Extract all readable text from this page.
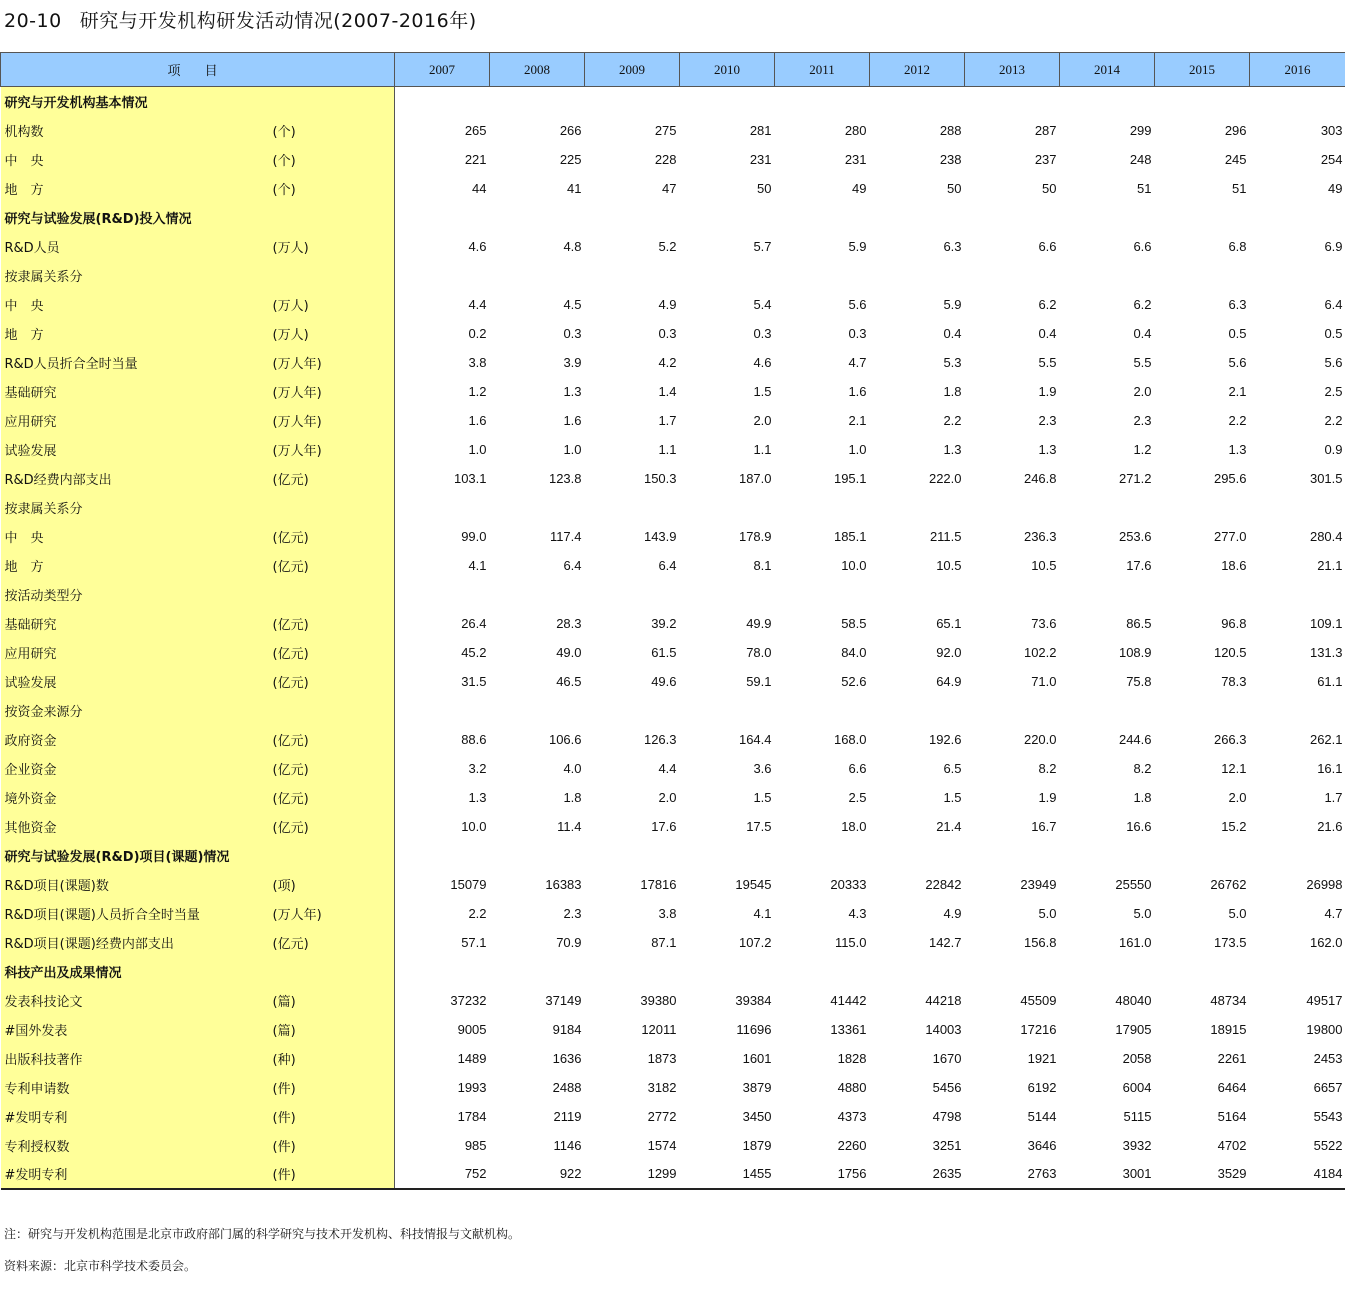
20-10 研究与开发机构研发活动情况(2007-2016年)
项 目		2007	2008	2009	2010	2011	2012	2013	2014	2015	2016
研究与开发机构基本情况											
机构数	(个)	265	266	275	281	280	288	287	299	296	303
中　央	(个)	221	225	228	231	231	238	237	248	245	254
地　方	(个)	44	41	47	50	49	50	50	51	51	49
研究与试验发展(R&D)投入情况											
R&D人员	(万人)	4.6	4.8	5.2	5.7	5.9	6.3	6.6	6.6	6.8	6.9
按隶属关系分											
中　央	(万人)	4.4	4.5	4.9	5.4	5.6	5.9	6.2	6.2	6.3	6.4
地　方	(万人)	0.2	0.3	0.3	0.3	0.3	0.4	0.4	0.4	0.5	0.5
R&D人员折合全时当量	(万人年)	3.8	3.9	4.2	4.6	4.7	5.3	5.5	5.5	5.6	5.6
基础研究	(万人年)	1.2	1.3	1.4	1.5	1.6	1.8	1.9	2.0	2.1	2.5
应用研究	(万人年)	1.6	1.6	1.7	2.0	2.1	2.2	2.3	2.3	2.2	2.2
试验发展	(万人年)	1.0	1.0	1.1	1.1	1.0	1.3	1.3	1.2	1.3	0.9
R&D经费内部支出	(亿元)	103.1	123.8	150.3	187.0	195.1	222.0	246.8	271.2	295.6	301.5
按隶属关系分											
中　央	(亿元)	99.0	117.4	143.9	178.9	185.1	211.5	236.3	253.6	277.0	280.4
地　方	(亿元)	4.1	6.4	6.4	8.1	10.0	10.5	10.5	17.6	18.6	21.1
按活动类型分											
基础研究	(亿元)	26.4	28.3	39.2	49.9	58.5	65.1	73.6	86.5	96.8	109.1
应用研究	(亿元)	45.2	49.0	61.5	78.0	84.0	92.0	102.2	108.9	120.5	131.3
试验发展	(亿元)	31.5	46.5	49.6	59.1	52.6	64.9	71.0	75.8	78.3	61.1
按资金来源分											
政府资金	(亿元)	88.6	106.6	126.3	164.4	168.0	192.6	220.0	244.6	266.3	262.1
企业资金	(亿元)	3.2	4.0	4.4	3.6	6.6	6.5	8.2	8.2	12.1	16.1
境外资金	(亿元)	1.3	1.8	2.0	1.5	2.5	1.5	1.9	1.8	2.0	1.7
其他资金	(亿元)	10.0	11.4	17.6	17.5	18.0	21.4	16.7	16.6	15.2	21.6
研究与试验发展(R&D)项目(课题)情况											
R&D项目(课题)数	(项)	15079	16383	17816	19545	20333	22842	23949	25550	26762	26998
R&D项目(课题)人员折合全时当量	(万人年)	2.2	2.3	3.8	4.1	4.3	4.9	5.0	5.0	5.0	4.7
R&D项目(课题)经费内部支出	(亿元)	57.1	70.9	87.1	107.2	115.0	142.7	156.8	161.0	173.5	162.0
科技产出及成果情况											
发表科技论文	(篇)	37232	37149	39380	39384	41442	44218	45509	48040	48734	49517
#国外发表	(篇)	9005	9184	12011	11696	13361	14003	17216	17905	18915	19800
出版科技著作	(种)	1489	1636	1873	1601	1828	1670	1921	2058	2261	2453
专利申请数	(件)	1993	2488	3182	3879	4880	5456	6192	6004	6464	6657
#发明专利	(件)	1784	2119	2772	3450	4373	4798	5144	5115	5164	5543
专利授权数	(件)	985	1146	1574	1879	2260	3251	3646	3932	4702	5522
#发明专利	(件)	752	922	1299	1455	1756	2635	2763	3001	3529	4184
注：研究与开发机构范围是北京市政府部门属的科学研究与技术开发机构、科技情报与文献机构。
资料来源：北京市科学技术委员会。
